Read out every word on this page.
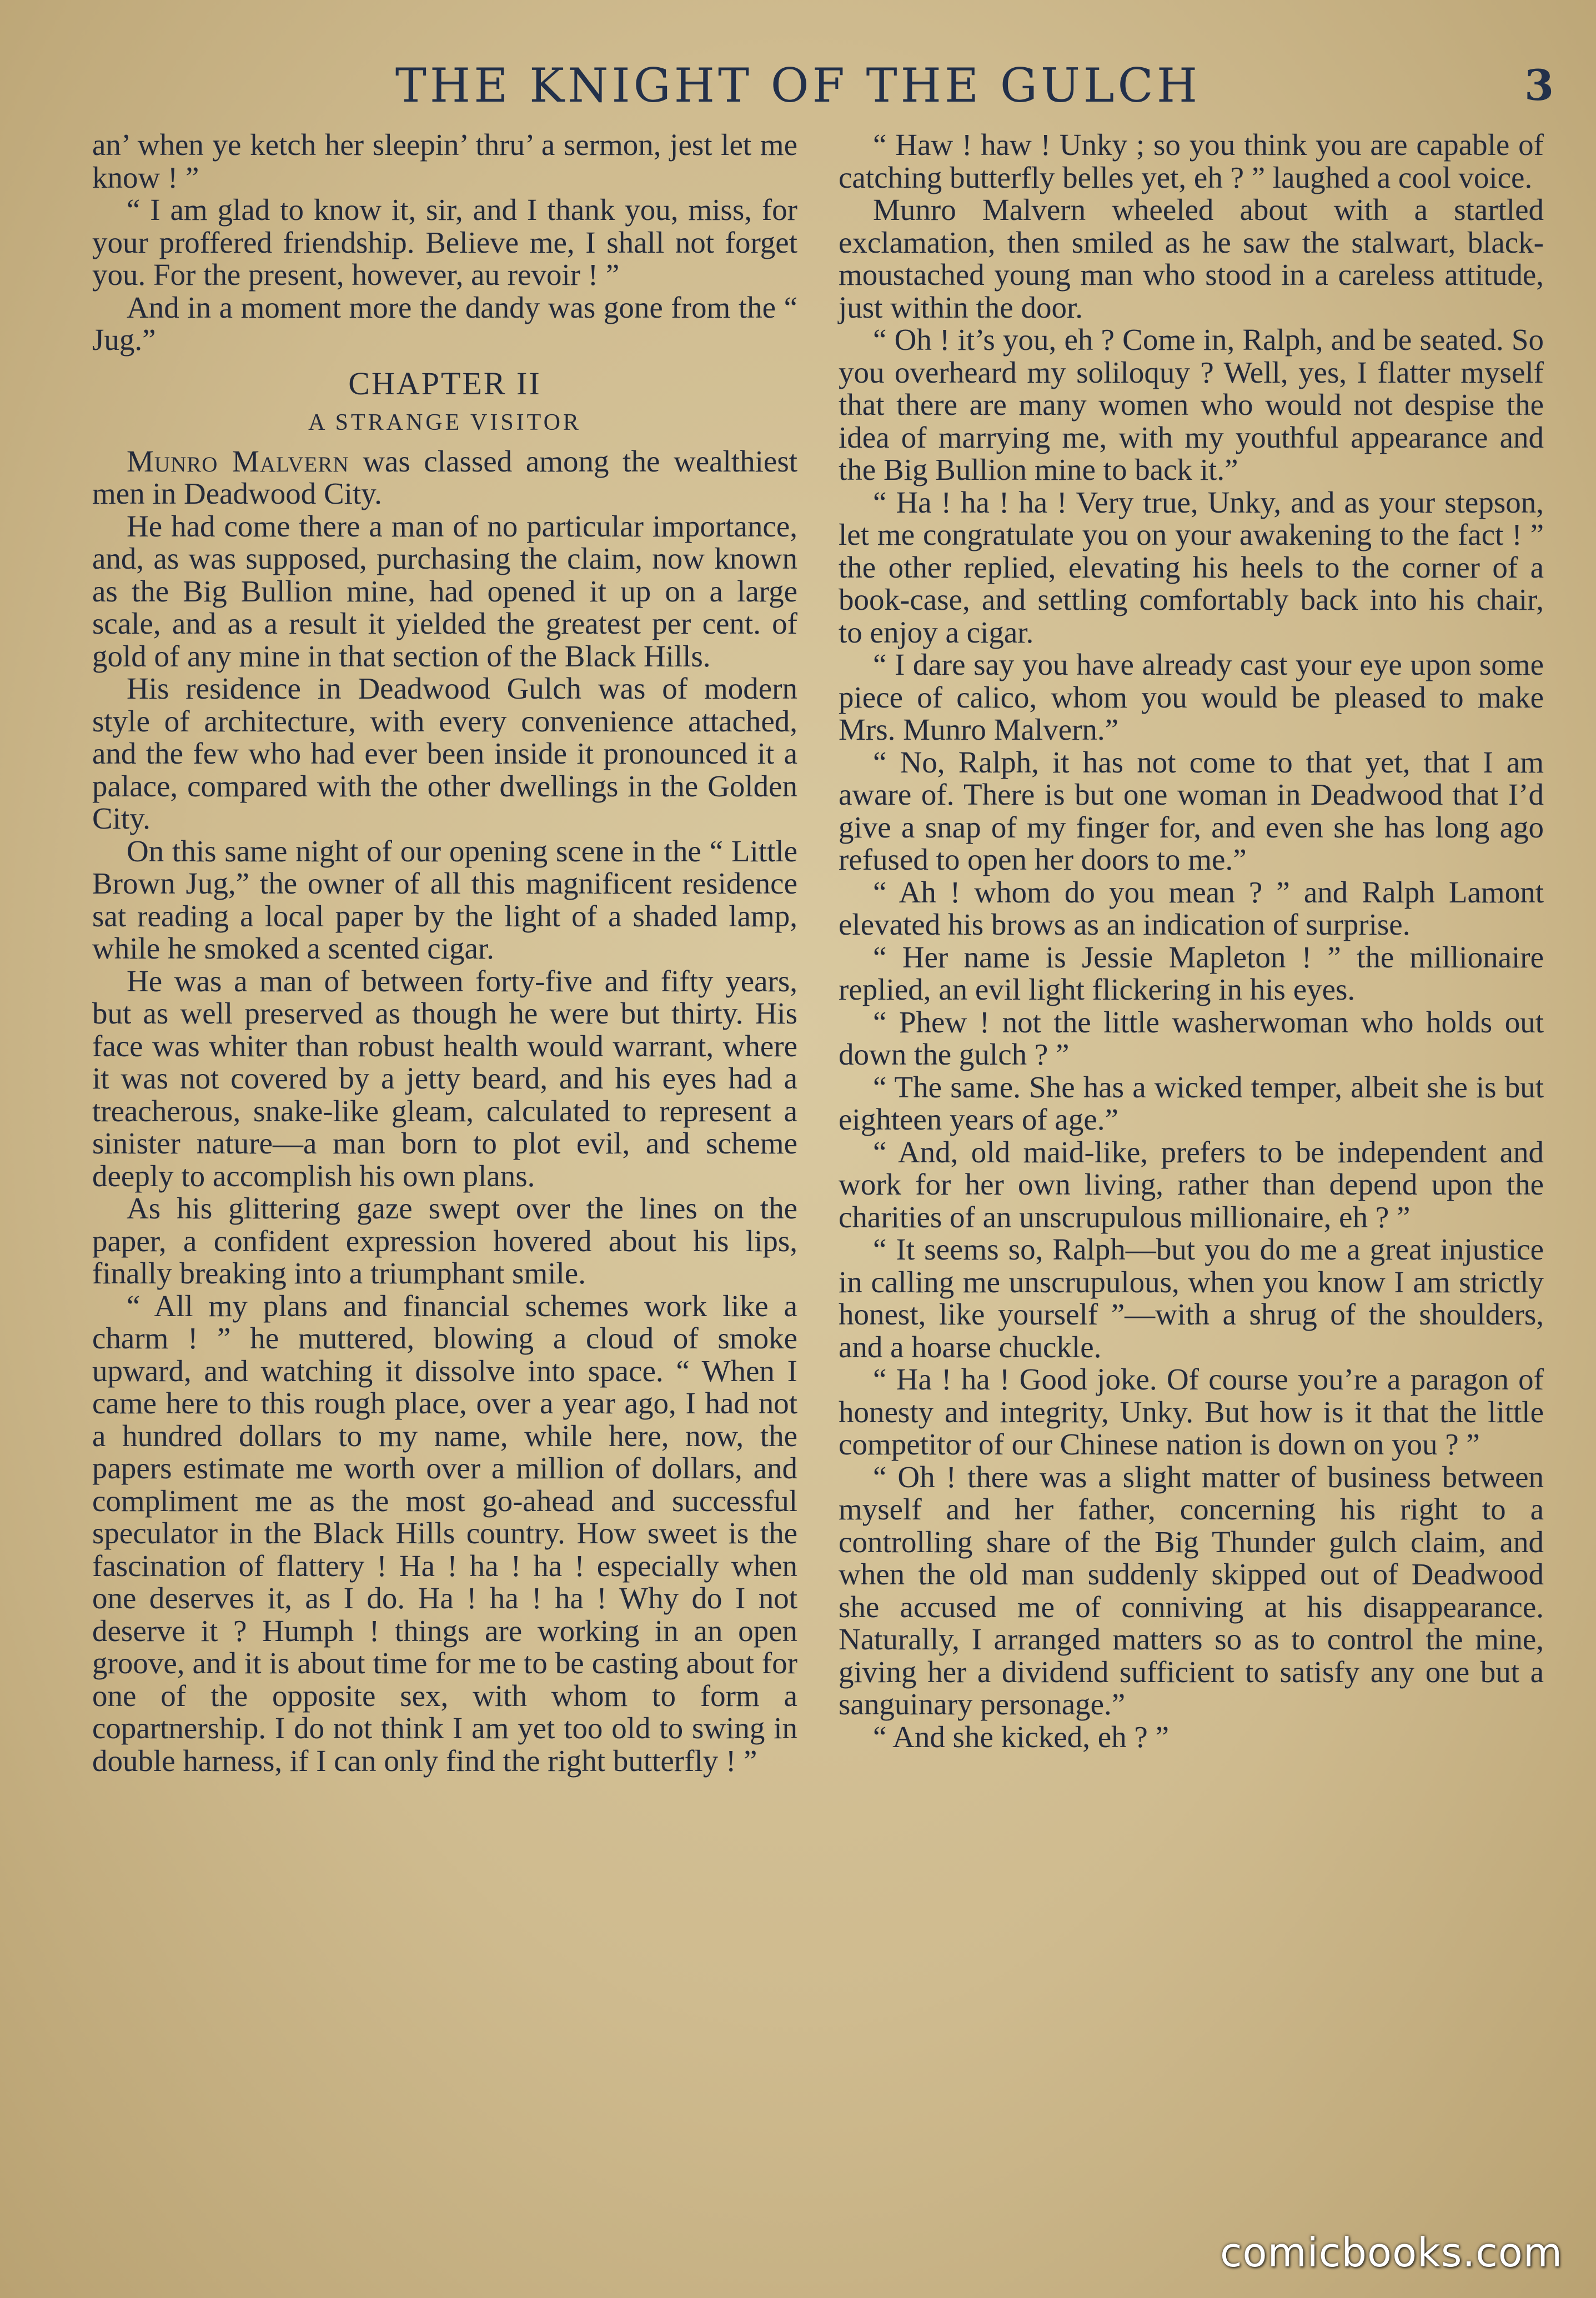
THE KNIGHT OF THE GULCH	3

an’ when ye ketch her sleepin’ thru’ a sermon, jest let me know ! ”

“ I am glad to know it, sir, and I thank you, miss, for your proffered friendship. Believe me, I shall not forget you. For the present, however, au revoir ! ”

And in a moment more the dandy was gone from the “ Jug.”

CHAPTER II
A STRANGE VISITOR

Munro Malvern was classed among the wealthiest men in Deadwood City.

He had come there a man of no particular importance, and, as was supposed, purchasing the claim, now known as the Big Bullion mine, had opened it up on a large scale, and as a result it yielded the greatest per cent. of gold of any mine in that section of the Black Hills.

His residence in Deadwood Gulch was of modern style of architecture, with every convenience attached, and the few who had ever been inside it pronounced it a palace, compared with the other dwellings in the Golden City.

On this same night of our opening scene in the “ Little Brown Jug,” the owner of all this magnificent residence sat reading a local paper by the light of a shaded lamp, while he smoked a scented cigar.

He was a man of between forty-five and fifty years, but as well preserved as though he were but thirty. His face was whiter than robust health would warrant, where it was not covered by a jetty beard, and his eyes had a treacherous, snake-like gleam, calculated to represent a sinister nature—a man born to plot evil, and scheme deeply to accomplish his own plans.

As his glittering gaze swept over the lines on the paper, a confident expression hovered about his lips, finally breaking into a triumphant smile.

“ All my plans and financial schemes work like a charm ! ” he muttered, blowing a cloud of smoke upward, and watching it dissolve into space. “ When I came here to this rough place, over a year ago, I had not a hundred dollars to my name, while here, now, the papers estimate me worth over a million of dollars, and compliment me as the most go-ahead and successful speculator in the Black Hills country. How sweet is the fascination of flattery ! Ha ! ha ! ha ! especially when one deserves it, as I do. Ha ! ha ! ha ! Why do I not deserve it ? Humph ! things are working in an open groove, and it is about time for me to be casting about for one of the opposite sex, with whom to form a copartnership. I do not think I am yet too old to swing in double harness, if I can only find the right butterfly ! ”

“ Haw ! haw ! Unky ; so you think you are capable of catching butterfly belles yet, eh ? ” laughed a cool voice.

Munro Malvern wheeled about with a startled exclamation, then smiled as he saw the stalwart, black-moustached young man who stood in a careless attitude, just within the door.

“ Oh ! it’s you, eh ? Come in, Ralph, and be seated. So you overheard my soliloquy ? Well, yes, I flatter myself that there are many women who would not despise the idea of marrying me, with my youthful appearance and the Big Bullion mine to back it.”

“ Ha ! ha ! ha ! Very true, Unky, and as your stepson, let me congratulate you on your awakening to the fact ! ” the other replied, elevating his heels to the corner of a book-case, and settling comfortably back into his chair, to enjoy a cigar.

“ I dare say you have already cast your eye upon some piece of calico, whom you would be pleased to make Mrs. Munro Malvern.”

“ No, Ralph, it has not come to that yet, that I am aware of. There is but one woman in Deadwood that I’d give a snap of my finger for, and even she has long ago refused to open her doors to me.”

“ Ah ! whom do you mean ? ” and Ralph Lamont elevated his brows as an indication of surprise.

“ Her name is Jessie Mapleton ! ” the millionaire replied, an evil light flickering in his eyes.

“ Phew ! not the little washerwoman who holds out down the gulch ? ”

“ The same. She has a wicked temper, albeit she is but eighteen years of age.”

“ And, old maid-like, prefers to be independent and work for her own living, rather than depend upon the charities of an unscrupulous millionaire, eh ? ”

“ It seems so, Ralph—but you do me a great injustice in calling me unscrupulous, when you know I am strictly honest, like yourself ”—with a shrug of the shoulders, and a hoarse chuckle.

“ Ha ! ha ! Good joke. Of course you’re a paragon of honesty and integrity, Unky. But how is it that the little competitor of our Chinese nation is down on you ? ”

“ Oh ! there was a slight matter of business between myself and her father, concerning his right to a controlling share of the Big Thunder gulch claim, and when the old man suddenly skipped out of Deadwood she accused me of conniving at his disappearance. Naturally, I arranged matters so as to control the mine, giving her a dividend sufficient to satisfy any one but a sanguinary personage.”

“ And she kicked, eh ? ”

comicbooks.com
